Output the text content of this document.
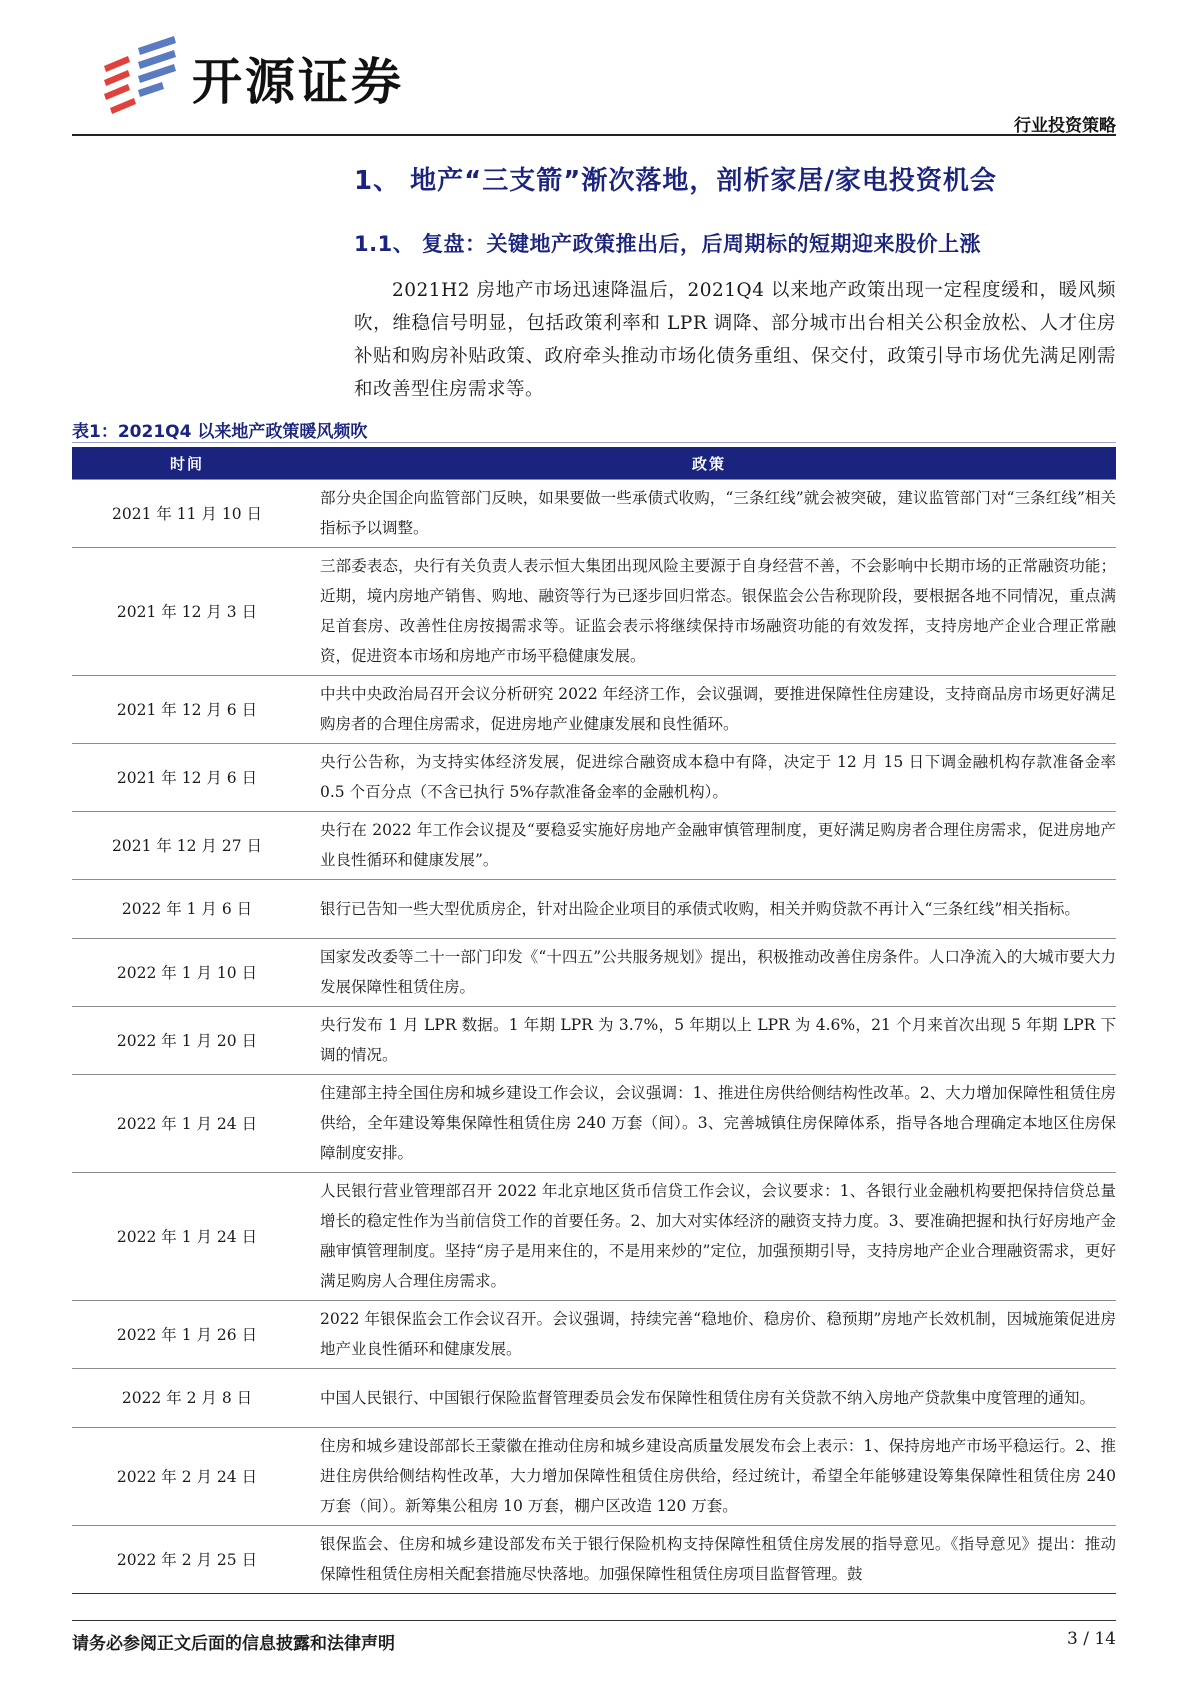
开源证券
行业投资策略
1、 地产“三支箭”渐次落地，剖析家居/家电投资机会
1.1、 复盘：关键地产政策推出后，后周期标的短期迎来股价上涨
2021H2 房地产市场迅速降温后，2021Q4 以来地产政策出现一定程度缓和，暖风频吹，维稳信号明显，包括政策利率和 LPR 调降、部分城市出台相关公积金放松、人才住房补贴和购房补贴政策、政府牵头推动市场化债务重组、保交付，政策引导市场优先满足刚需和改善型住房需求等。
表1：2021Q4 以来地产政策暖风频吹
时间	政策
2021 年 11 月 10 日	部分央企国企向监管部门反映，如果要做一些承债式收购，“三条红线”就会被突破，建议监管部门对“三条红线”相关指标予以调整。
2021 年 12 月 3 日	三部委表态，央行有关负责人表示恒大集团出现风险主要源于自身经营不善，不会影响中长期市场的正常融资功能；近期，境内房地产销售、购地、融资等行为已逐步回归常态。银保监会公告称现阶段，要根据各地不同情况，重点满足首套房、改善性住房按揭需求等。证监会表示将继续保持市场融资功能的有效发挥，支持房地产企业合理正常融资，促进资本市场和房地产市场平稳健康发展。
2021 年 12 月 6 日	中共中央政治局召开会议分析研究 2022 年经济工作，会议强调，要推进保障性住房建设，支持商品房市场更好满足购房者的合理住房需求，促进房地产业健康发展和良性循环。
2021 年 12 月 6 日	央行公告称，为支持实体经济发展，促进综合融资成本稳中有降，决定于 12 月 15 日下调金融机构存款准备金率 0.5 个百分点（不含已执行 5%存款准备金率的金融机构）。
2021 年 12 月 27 日	央行在 2022 年工作会议提及“要稳妥实施好房地产金融审慎管理制度，更好满足购房者合理住房需求，促进房地产业良性循环和健康发展”。
2022 年 1 月 6 日	银行已告知一些大型优质房企，针对出险企业项目的承债式收购，相关并购贷款不再计入“三条红线”相关指标。
2022 年 1 月 10 日	国家发改委等二十一部门印发《“十四五”公共服务规划》提出，积极推动改善住房条件。人口净流入的大城市要大力发展保障性租赁住房。
2022 年 1 月 20 日	央行发布 1 月 LPR 数据。1 年期 LPR 为 3.7%，5 年期以上 LPR 为 4.6%，21 个月来首次出现 5 年期 LPR 下调的情况。
2022 年 1 月 24 日	住建部主持全国住房和城乡建设工作会议，会议强调：1、推进住房供给侧结构性改革。2、大力增加保障性租赁住房供给，全年建设筹集保障性租赁住房 240 万套（间）。3、完善城镇住房保障体系，指导各地合理确定本地区住房保障制度安排。
2022 年 1 月 24 日	人民银行营业管理部召开 2022 年北京地区货币信贷工作会议，会议要求：1、各银行业金融机构要把保持信贷总量增长的稳定性作为当前信贷工作的首要任务。2、加大对实体经济的融资支持力度。3、要准确把握和执行好房地产金融审慎管理制度。坚持“房子是用来住的，不是用来炒的”定位，加强预期引导，支持房地产企业合理融资需求，更好满足购房人合理住房需求。
2022 年 1 月 26 日	2022 年银保监会工作会议召开。会议强调，持续完善“稳地价、稳房价、稳预期”房地产长效机制，因城施策促进房地产业良性循环和健康发展。
2022 年 2 月 8 日	中国人民银行、中国银行保险监督管理委员会发布保障性租赁住房有关贷款不纳入房地产贷款集中度管理的通知。
2022 年 2 月 24 日	住房和城乡建设部部长王蒙徽在推动住房和城乡建设高质量发展发布会上表示：1、保持房地产市场平稳运行。2、推进住房供给侧结构性改革，大力增加保障性租赁住房供给，经过统计，希望全年能够建设筹集保障性租赁住房 240 万套（间）。新筹集公租房 10 万套，棚户区改造 120 万套。
2022 年 2 月 25 日	银保监会、住房和城乡建设部发布关于银行保险机构支持保障性租赁住房发展的指导意见。《指导意见》提出：推动保障性租赁住房相关配套措施尽快落地。加强保障性租赁住房项目监督管理。鼓
请务必参阅正文后面的信息披露和法律声明	3 / 14
